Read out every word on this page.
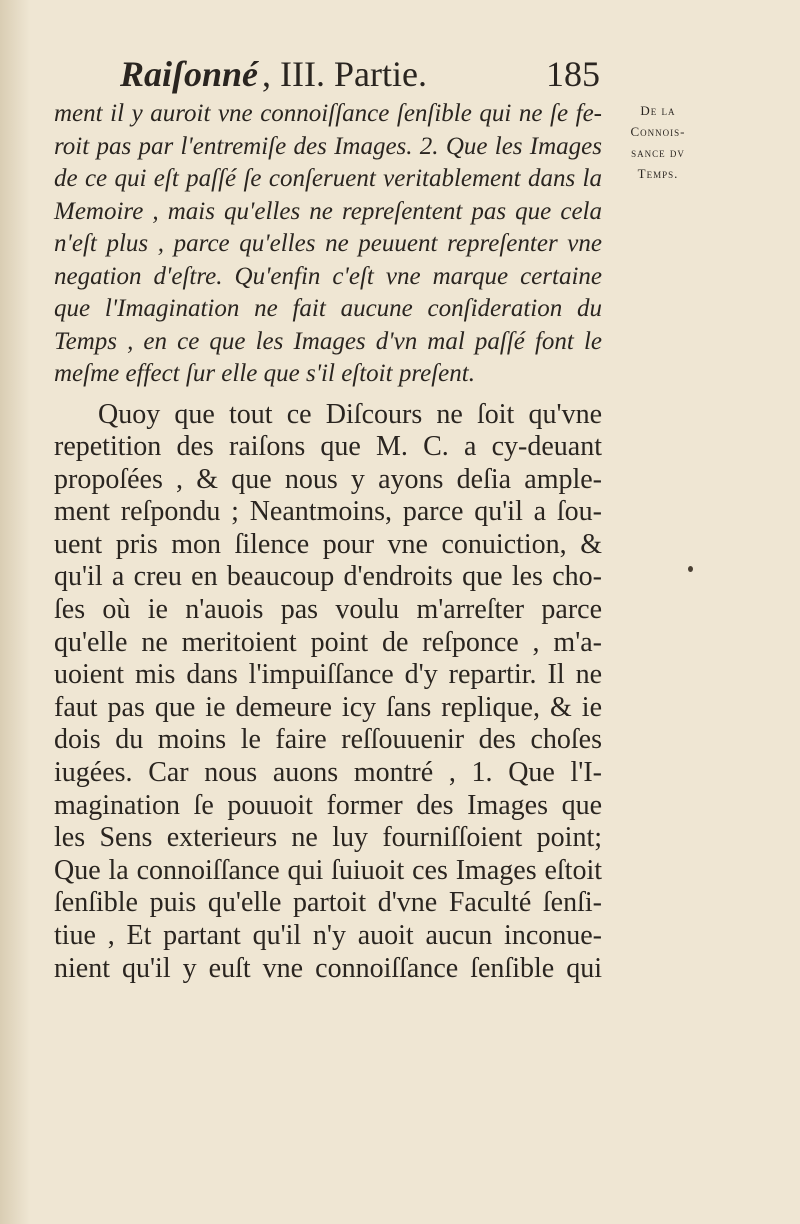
Raiſonné , III. Partie.	185
De la
Connois-
sance dv
Temps.
ment il y auroit vne connoiſſance ſenſible qui ne ſe fe-
roit pas par l'entremiſe des Images. 2. Que les Images
de ce qui eſt paſſé ſe conſeruent veritablement dans la
Memoire , mais qu'elles ne repreſentent pas que cela
n'eſt plus , parce qu'elles ne peuuent repreſenter vne
negation d'eſtre. Qu'enfin c'eſt vne marque certaine
que l'Imagination ne fait aucune conſideration du
Temps , en ce que les Images d'vn mal paſſé font le
meſme effect ſur elle que s'il eſtoit preſent.
Quoy que tout ce Diſcours ne ſoit qu'vne
repetition des raiſons que M. C. a cy-deuant
propoſées , & que nous y ayons deſia ample-
ment reſpondu ; Neantmoins, parce qu'il a ſou-
uent pris mon ſilence pour vne conuiction, &
qu'il a creu en beaucoup d'endroits que les cho-
ſes où ie n'auois pas voulu m'arreſter parce
qu'elle ne meritoient point de reſponce , m'a-
uoient mis dans l'impuiſſance d'y repartir. Il ne
faut pas que ie demeure icy ſans replique, & ie
dois du moins le faire reſſouuenir des choſes
iugées. Car nous auons montré , 1. Que l'I-
magination ſe pouuoit former des Images que
les Sens exterieurs ne luy fourniſſoient point;
Que la connoiſſance qui ſuiuoit ces Images eſtoit
ſenſible puis qu'elle partoit d'vne Faculté ſenſi-
tiue , Et partant qu'il n'y auoit aucun inconue-
nient qu'il y euſt vne connoiſſance ſenſible qui
